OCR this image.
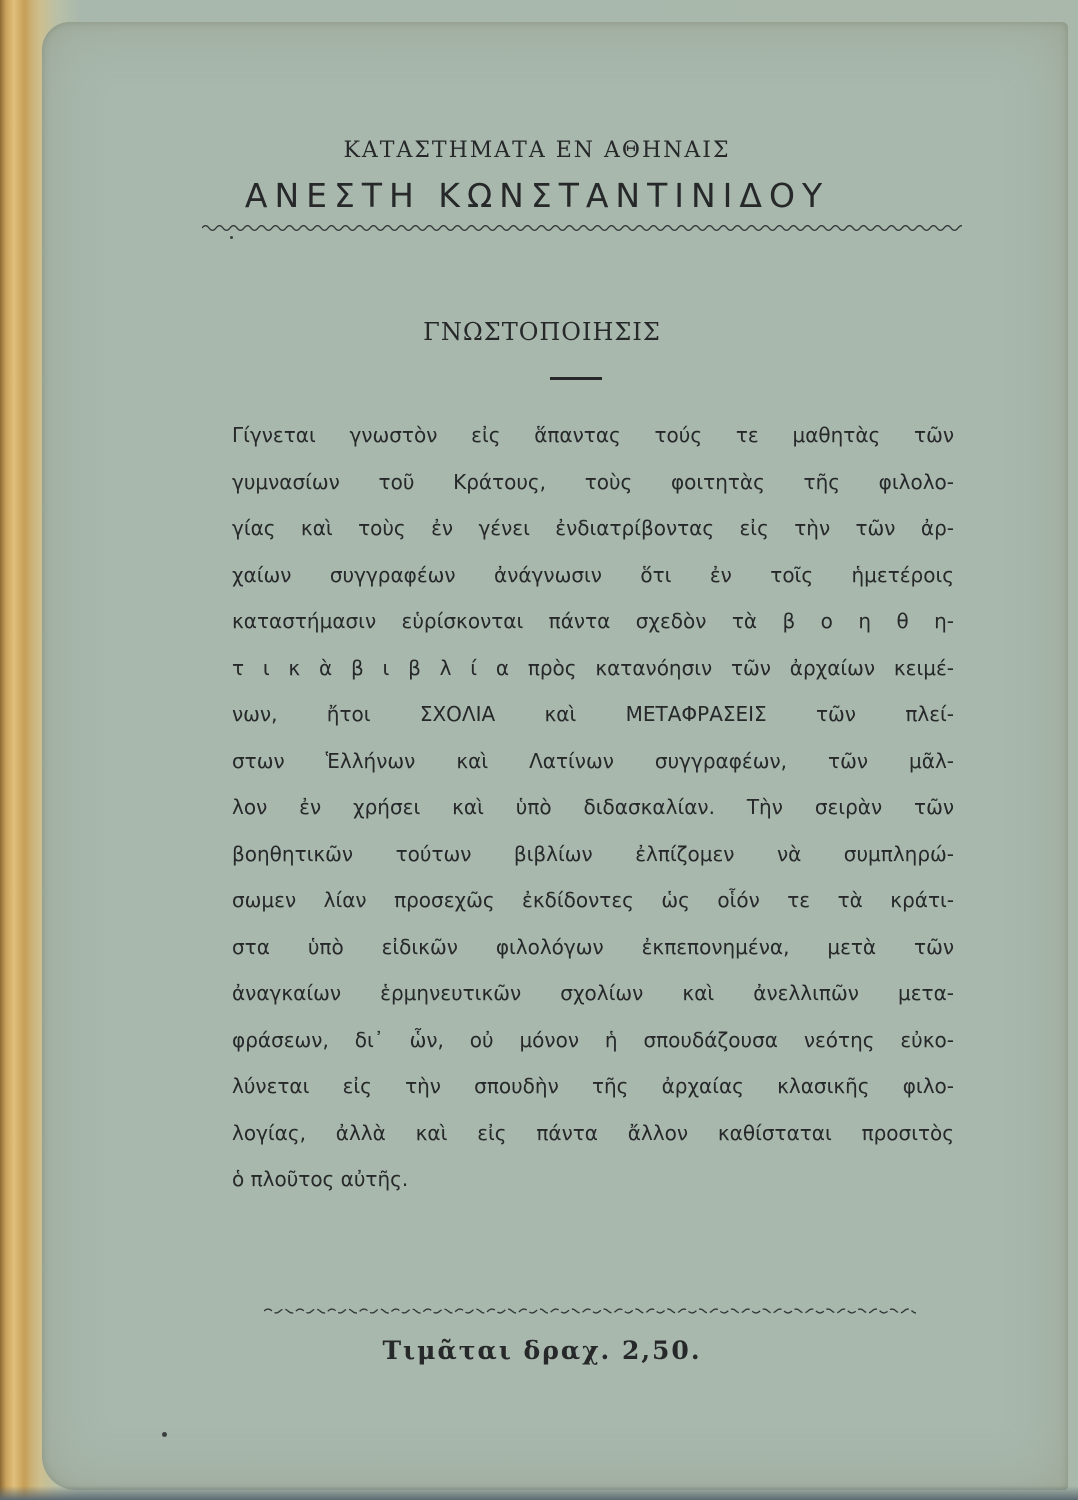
ΚΑΤΑΣΤΗΜΑΤΑ ΕΝ ΑΘΗΝΑΙΣ
ΑΝΕΣΤΗ ΚΩΝΣΤΑΝΤΙΝΙΔΟΥ
ΓΝΩΣΤΟΠΟΙΗΣΙΣ
Γίγνεται γνωστὸν εἰς ἅπαντας τούς τε μαθητὰς τῶν
γυμνασίων τοῦ Κράτους, τοὺς φοιτητὰς τῆς φιλολο-
γίας καὶ τοὺς ἐν γένει ἐνδιατρίβοντας εἰς τὴν τῶν ἀρ-
χαίων συγγραφέων ἀνάγνωσιν ὅτι ἐν τοῖς ἡμετέροις
καταστήμασιν εὑρίσκονται πάντα σχεδὸν τὰ β ο η θ η-
τ ι κ ὰ β ι β λ ί α πρὸς κατανόησιν τῶν ἀρχαίων κειμέ-
νων, ἤτοι ΣΧΟΛΙΑ καὶ ΜΕΤΑΦΡΑΣΕΙΣ τῶν πλεί-
στων Ἑλλήνων καὶ Λατίνων συγγραφέων, τῶν μᾶλ-
λον ἐν χρήσει καὶ ὑπὸ διδασκαλίαν. Τὴν σειρὰν τῶν
βοηθητικῶν τούτων βιβλίων ἐλπίζομεν νὰ συμπληρώ-
σωμεν λίαν προσεχῶς ἐκδίδοντες ὡς οἷόν τε τὰ κράτι-
στα ὑπὸ εἰδικῶν φιλολόγων ἐκπεπονημένα, μετὰ τῶν
ἀναγκαίων ἑρμηνευτικῶν σχολίων καὶ ἀνελλιπῶν μετα-
φράσεων, δι᾿ ὧν, οὐ μόνον ἡ σπουδάζουσα νεότης εὐκο-
λύνεται εἰς τὴν σπουδὴν τῆς ἀρχαίας κλασικῆς φιλο-
λογίας, ἀλλὰ καὶ εἰς πάντα ἄλλον καθίσταται προσιτὸς
ὁ πλοῦτος αὐτῆς.
Τιμᾶται δραχ. 2,50.
